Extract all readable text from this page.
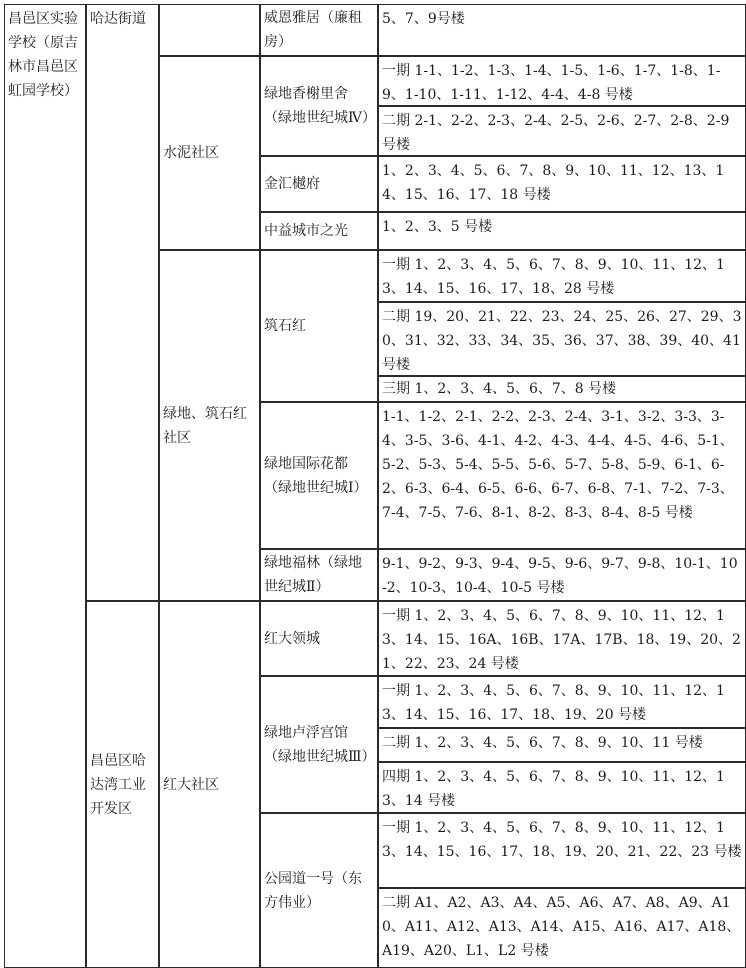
昌邑区实验学校（原吉林市昌邑区虹园学校）
哈达街道
昌邑区哈达湾工业开发区
水泥社区
绿地、筑石红社区
红大社区
威恩雅居（廉租房）
绿地香榭里舍（绿地世纪城Ⅳ）
金汇樾府
中益城市之光
筑石红
绿地国际花都（绿地世纪城Ⅰ）
绿地福林（绿地世纪城Ⅱ）
红大领城
绿地卢浮宫馆（绿地世纪城Ⅲ）
公园道一号（东方伟业）
5、7、9号楼
一期 1-1、1-2、1-3、1-4、1-5、1-6、1-7、1-8、1-9、1-10、1-11、1-12、4-4、4-8 号楼
二期 2-1、2-2、2-3、2-4、2-5、2-6、2-7、2-8、2-9 号楼
1、2、3、4、5、6、7、8、9、10、11、12、13、14、15、16、17、18 号楼
1、2、3、5 号楼
一期 1、2、3、4、5、6、7、8、9、10、11、12、13、14、15、16、17、18、28 号楼
二期 19、20、21、22、23、24、25、26、27、29、30、31、32、33、34、35、36、37、38、39、40、41 号楼
三期 1、2、3、4、5、6、7、8 号楼
1-1、1-2、2-1、2-2、2-3、2-4、3-1、3-2、3-3、3-4、3-5、3-6、4-1、4-2、4-3、4-4、4-5、4-6、5-1、5-2、5-3、5-4、5-5、5-6、5-7、5-8、5-9、6-1、6-2、6-3、6-4、6-5、6-6、6-7、6-8、7-1、7-2、7-3、7-4、7-5、7-6、8-1、8-2、8-3、8-4、8-5 号楼
9-1、9-2、9-3、9-4、9-5、9-6、9-7、9-8、10-1、10-2、10-3、10-4、10-5 号楼
一期 1、2、3、4、5、6、7、8、9、10、11、12、13、14、15、16A、16B、17A、17B、18、19、20、21、22、23、24 号楼
一期 1、2、3、4、5、6、7、8、9、10、11、12、13、14、15、16、17、18、19、20 号楼
二期 1、2、3、4、5、6、7、8、9、10、11 号楼
四期 1、2、3、4、5、6、7、8、9、10、11、12、13、14 号楼
一期 1、2、3、4、5、6、7、8、9、10、11、12、13、14、15、16、17、18、19、20、21、22、23 号楼
二期 A1、A2、A3、A4、A5、A6、A7、A8、A9、A10、A11、A12、A13、A14、A15、A16、A17、A18、A19、A20、L1、L2 号楼
